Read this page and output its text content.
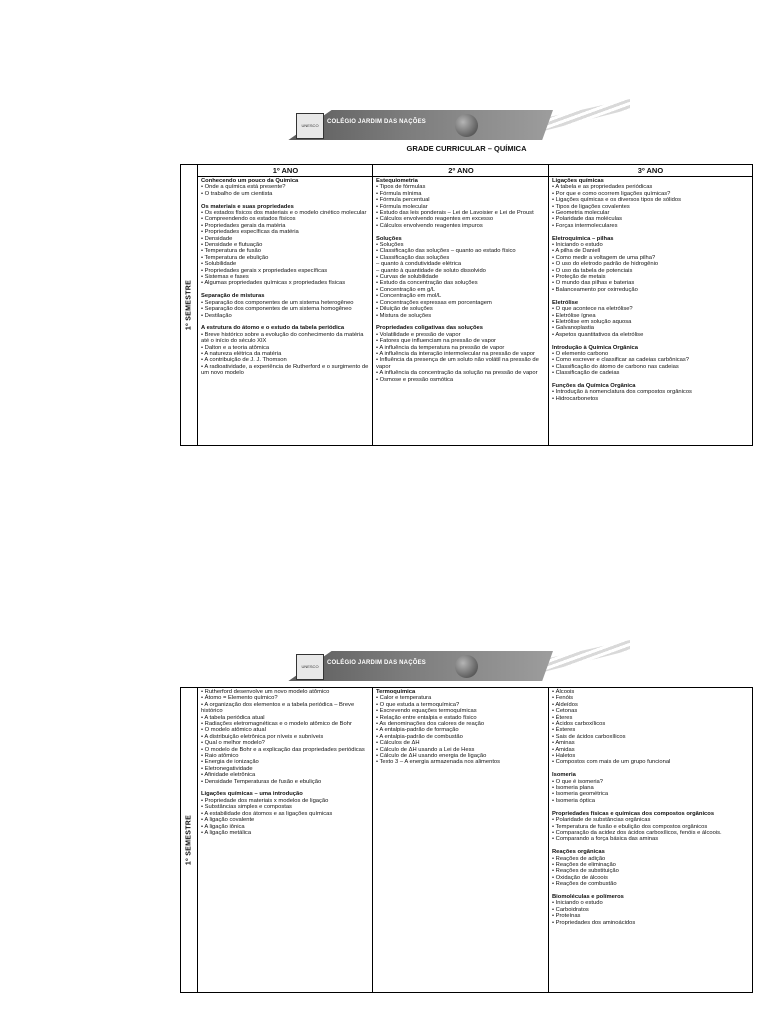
UNESCO
COLÉGIO JARDIM DAS NAÇÕES
GRADE CURRICULAR – QUÍMICA
1º SEMESTRE
1º ANO	2º ANO	3º ANO
Conhecendo um pouco da Química
• Onde a química está presente?
• O trabalho de um cientista
Os materiais e suas propriedades
• Os estados físicos dos materiais e o modelo cinético molecular
• Compreendendo os estados físicos
• Propriedades gerais da matéria
• Propriedades específicas da matéria
• Densidade
• Densidade e flutuação
• Temperatura de fusão
• Temperatura de ebulição
• Solubilidade
• Propriedades gerais x propriedades específicas
• Sistemas e fases
• Algumas propriedades químicas x propriedades físicas
Separação de misturas
• Separação dos componentes de um sistema heterogêneo
• Separação dos componentes de um sistema homogêneo
• Destilação
A estrutura do átomo e o estudo da tabela periódica
• Breve histórico sobre a evolução do conhecimento da matéria até o início do século XIX
• Dalton e a teoria atômica
• A natureza elétrica da matéria
• A contribuição de J. J. Thomson
• A radioatividade, a experiência de Rutherford e o surgimento de um novo modelo
Estequiometria
• Tipos de fórmulas
• Fórmula mínima
• Fórmula percentual
• Fórmula molecular
• Estudo das leis ponderais – Lei de Lavoisier e Lei de Proust
• Cálculos envolvendo reagentes em excesso
• Cálculos envolvendo reagentes impuros
Soluções
• Soluções
• Classificação das soluções – quanto ao estado físico
• Classificação das soluções
– quanto à condutividade elétrica
– quanto à quantidade de soluto dissolvido
• Curvas de solubilidade
• Estudo da concentração das soluções
• Concentração em g/L
• Concentração em mol/L
• Concentrações expressas em porcentagem
• Diluição de soluções
• Mistura de soluções
Propriedades coligativas das soluções
• Volatilidade e pressão de vapor
• Fatores que influenciam na pressão de vapor
• A influência da temperatura na pressão de vapor
• A influência da interação intermolecular na pressão de vapor
• Influência da presença de um soluto não volátil na pressão de vapor
• A influência da concentração da solução na pressão de vapor
• Osmose e pressão osmótica
Ligações químicas
• A tabela e as propriedades periódicas
• Por que e como ocorrem ligações químicas?
• Ligações químicas e os diversos tipos de sólidos
• Tipos de ligações covalentes
• Geometria molecular
• Polaridade das moléculas
• Forças intermoleculares
Eletroquímica – pilhas
• Iniciando o estudo
• A pilha de Daniell
• Como medir a voltagem de uma pilha?
• O uso do eletrodo padrão de hidrogênio
• O uso da tabela de potenciais
• Proteção de metais
• O mundo das pilhas e baterias
• Balanceamento por oxirredução
Eletrólise
• O que acontece na eletrólise?
• Eletrólise ígnea
• Eletrólise em solução aquosa
• Galvanoplastia
• Aspetos quantitativos da eletrólise
Introdução à Química Orgânica
• O elemento carbono
• Como escrever e classificar as cadeias carbônicas?
• Classificação do átomo de carbono nas cadeias
• Classificação de cadeias
Funções da Química Orgânica
• Introdução à nomenclatura dos compostos orgânicos
• Hidrocarbonetos
UNESCO
COLÉGIO JARDIM DAS NAÇÕES
1º SEMESTRE
• Rutherford desenvolve um novo modelo atômico
• Átomo = Elemento químico?
• A organização dos elementos e a tabela periódica – Breve histórico
• A tabela periódica atual
• Radiações eletromagnéticas e o modelo atômico de Bohr
• O modelo atômico atual
• A distribuição eletrônica por níveis e subníveis
• Qual o melhor modelo?
• O modelo de Bohr e a explicação das propriedades periódicas
• Raio atômico
• Energia de ionização
• Eletronegatividade
• Afinidade eletrônica
• Densidade Temperaturas de fusão e ebulição
Ligações químicas – uma introdução
• Propriedade dos materiais x modelos de ligação
• Substâncias simples e compostas
• A estabilidade dos átomos e as ligações químicas
• A ligação covalente
• A ligação iônica
• A ligação metálica
Termoquímica
• Calor e temperatura
• O que estuda a termoquímica?
• Escrevendo equações termoquímicas
• Relação entre entalpia e estado físico
• As denominações dos calores de reação
• A entalpia-padrão de formação
• A entalpia-padrão de combustão
• Cálculos de ΔH
• Cálculo de ΔH usando a Lei de Hess
• Cálculo de ΔH usando energia de ligação
• Texto 3 – A energia armazenada nos alimentos
• Álcoois
• Fenóis
• Aldeídos
• Cetonas
• Éteres
• Ácidos carboxílicos
• Ésteres
• Sais de ácidos carboxílicos
• Aminas
• Amidas
• Haletos
• Compostos com mais de um grupo funcional
Isomeria
• O que é isomeria?
• Isomeria plana
• Isomeria geométrica
• Isomeria óptica
Propriedades físicas e químicas dos compostos orgânicos
• Polaridade de substâncias orgânicas
• Temperatura de fusão e ebulição dos compostos orgânicos
• Comparação da acidez dos ácidos carboxílicos, fenóis e álcoois.
• Comparando a força básica das aminas
Reações orgânicas
• Reações de adição
• Reações de eliminação
• Reações de substituição
• Oxidação de álcoois
• Reações de combustão
Biomoléculas e polímeros
• Iniciando o estudo
• Carboidratos
• Proteínas
• Propriedades dos aminoácidos
